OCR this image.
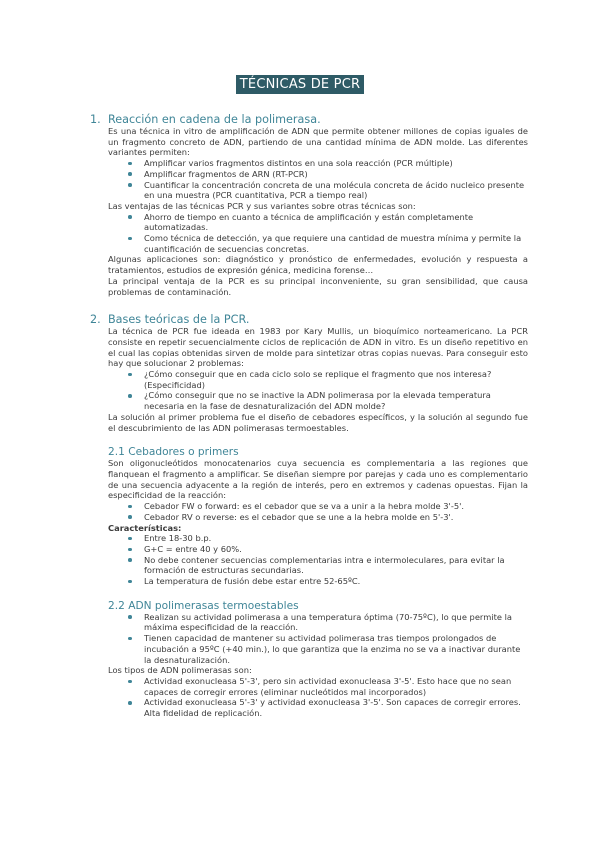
TÉCNICAS DE PCR
1. Reacción en cadena de la polimerasa.

Es una técnica in vitro de amplificación de ADN que permite obtener millones de copias iguales de un fragmento concreto de ADN, partiendo de una cantidad mínima de ADN molde. Las diferentes variantes permiten:

Amplificar varios fragmentos distintos en una sola reacción (PCR múltiple)
Amplificar fragmentos de ARN (RT-PCR)
Cuantificar la concentración concreta de una molécula concreta de ácido nucleico presente en una muestra (PCR cuantitativa, PCR a tiempo real)

Las ventajas de las técnicas PCR y sus variantes sobre otras técnicas son:

Ahorro de tiempo en cuanto a técnica de amplificación y están completamente automatizadas.
Como técnica de detección, ya que requiere una cantidad de muestra mínima y permite la cuantificación de secuencias concretas.

Algunas aplicaciones son: diagnóstico y pronóstico de enfermedades, evolución y respuesta a tratamientos, estudios de expresión génica, medicina forense…

La principal ventaja de la PCR es su principal inconveniente, su gran sensibilidad, que causa problemas de contaminación.

2. Bases teóricas de la PCR.

La técnica de PCR fue ideada en 1983 por Kary Mullis, un bioquímico norteamericano. La PCR consiste en repetir secuencialmente ciclos de replicación de ADN in vitro. Es un diseño repetitivo en el cual las copias obtenidas sirven de molde para sintetizar otras copias nuevas. Para conseguir esto hay que solucionar 2 problemas:

¿Cómo conseguir que en cada ciclo solo se replique el fragmento que nos interesa? (Especificidad)
¿Cómo conseguir que no se inactive la ADN polimerasa por la elevada temperatura necesaria en la fase de desnaturalización del ADN molde?

La solución al primer problema fue el diseño de cebadores específicos, y la solución al segundo fue el descubrimiento de las ADN polimerasas termoestables.

2.1 Cebadores o primers

Son oligonucleótidos monocatenarios cuya secuencia es complementaria a las regiones que flanquean el fragmento a amplificar. Se diseñan siempre por parejas y cada uno es complementario de una secuencia adyacente a la región de interés, pero en extremos y cadenas opuestas. Fijan la especificidad de la reacción:

Cebador FW o forward: es el cebador que se va a unir a la hebra molde 3'-5'.
Cebador RV o reverse: es el cebador que se une a la hebra molde en 5'-3'.

Características:

Entre 18-30 b.p.
G+C = entre 40 y 60%.
No debe contener secuencias complementarias intra e intermoleculares, para evitar la formación de estructuras secundarias.
La temperatura de fusión debe estar entre 52-65ºC.
2.2 ADN polimerasas termoestables
Realizan su actividad polimerasa a una temperatura óptima (70-75ºC), lo que permite la máxima especificidad de la reacción.
Tienen capacidad de mantener su actividad polimerasa tras tiempos prolongados de incubación a 95ºC (+40 min.), lo que garantiza que la enzima no se va a inactivar durante la desnaturalización.

Los tipos de ADN polimerasas son:

Actividad exonucleasa 5'-3', pero sin actividad exonucleasa 3'-5'. Esto hace que no sean capaces de corregir errores (eliminar nucleótidos mal incorporados)
Actividad exonucleasa 5'-3' y actividad exonucleasa 3'-5'. Son capaces de corregir errores. Alta fidelidad de replicación.
